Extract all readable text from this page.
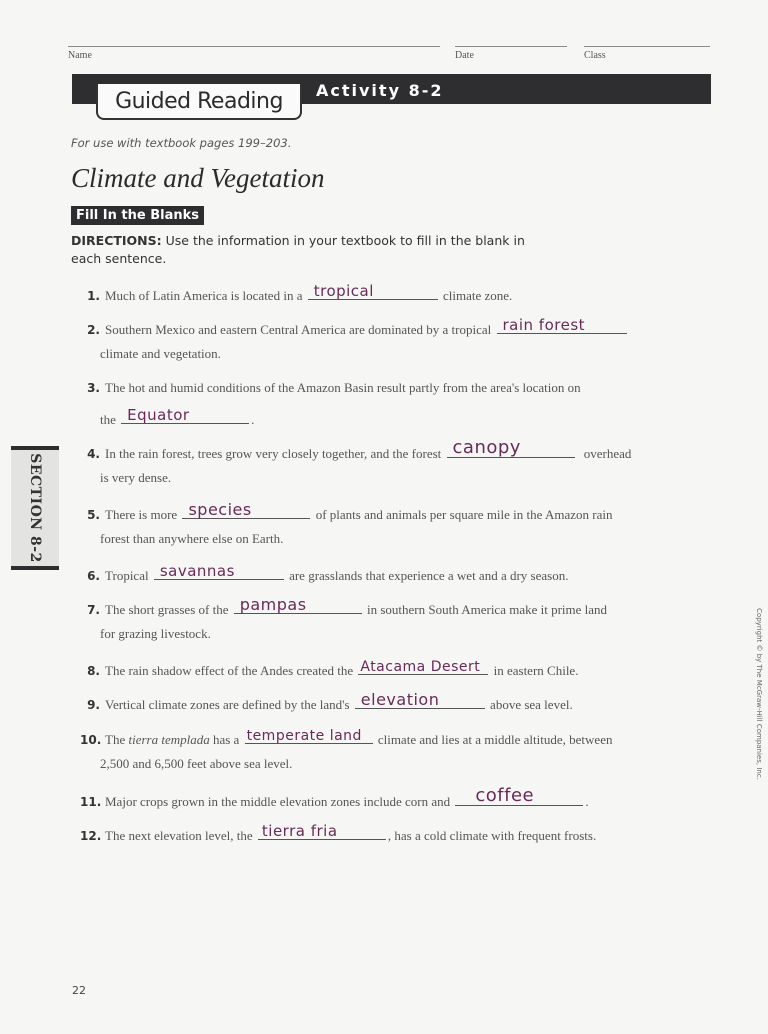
Name	Date	Class
Guided Reading	Activity 8-2
For use with textbook pages 199–203.
Climate and Vegetation
Fill In the Blanks
DIRECTIONS: Use the information in your textbook to fill in the blank in each sentence.
1. Much of Latin America is located in a tropical	climate zone.
2. Southern Mexico and eastern Central America are dominated by a tropical rain forest
climate and vegetation.
3. The hot and humid conditions of the Amazon Basin result partly from the area's location on
the Equator	.
4. In the rain forest, trees grow very closely together, and the forest canopy	overhead
is very dense.
5. There is more species	of plants and animals per square mile in the Amazon rain
forest than anywhere else on Earth.
6. Tropical savannas	are grasslands that experience a wet and a dry season.
7. The short grasses of the pampas	in southern South America make it prime land
for grazing livestock.
8. The rain shadow effect of the Andes created the Atacama Desert in eastern Chile.
9. Vertical climate zones are defined by the land's elevation	above sea level.
10. The tierra templada has a temperate land climate and lies at a middle altitude, between
2,500 and 6,500 feet above sea level.
11. Major crops grown in the middle elevation zones include corn and coffee	.
12. The next elevation level, the tierra fria	, has a cold climate with frequent frosts.
SECTION 8-2
Copyright © by The McGraw-Hill Companies, Inc.
22
